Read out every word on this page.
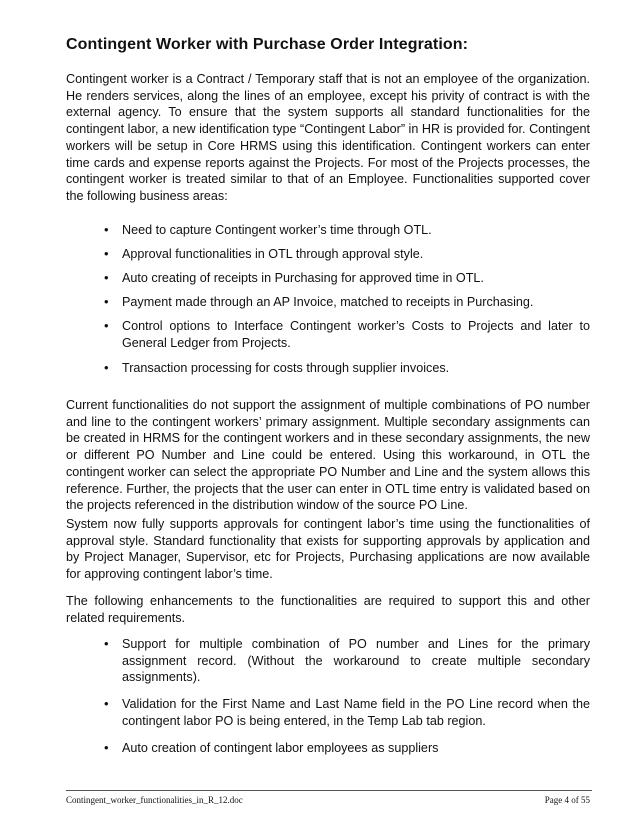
Contingent Worker with Purchase Order Integration:

Contingent worker is a Contract / Temporary staff that is not an employee of the organization. He renders services, along the lines of an employee, except his privity of contract is with the external agency. To ensure that the system supports all standard functionalities for the contingent labor, a new identification type “Contingent Labor” in HR is provided for. Contingent workers will be setup in Core HRMS using this identification. Contingent workers can enter time cards and expense reports against the Projects. For most of the Projects processes, the contingent worker is treated similar to that of an Employee. Functionalities supported cover the following business areas:

• Need to capture Contingent worker’s time through OTL.
• Approval functionalities in OTL through approval style.
• Auto creating of receipts in Purchasing for approved time in OTL.
• Payment made through an AP Invoice, matched to receipts in Purchasing.
• Control options to Interface Contingent worker’s Costs to Projects and later to General Ledger from Projects.
• Transaction processing for costs through supplier invoices.

Current functionalities do not support the assignment of multiple combinations of PO number and line to the contingent workers’ primary assignment. Multiple secondary assignments can be created in HRMS for the contingent workers and in these secondary assignments, the new or different PO Number and Line could be entered. Using this workaround, in OTL the contingent worker can select the appropriate PO Number and Line and the system allows this reference. Further, the projects that the user can enter in OTL time entry is validated based on the projects referenced in the distribution window of the source PO Line.

System now fully supports approvals for contingent labor’s time using the functionalities of approval style. Standard functionality that exists for supporting approvals by application and by Project Manager, Supervisor, etc for Projects, Purchasing applications are now available for approving contingent labor’s time.

The following enhancements to the functionalities are required to support this and other related requirements.

• Support for multiple combination of PO number and Lines for the primary assignment record. (Without the workaround to create multiple secondary assignments).
• Validation for the First Name and Last Name field in the PO Line record when the contingent labor PO is being entered, in the Temp Lab tab region.
• Auto creation of contingent labor employees as suppliers
Contingent_worker_functionalities_in_R_12.doc	Page 4 of 55
